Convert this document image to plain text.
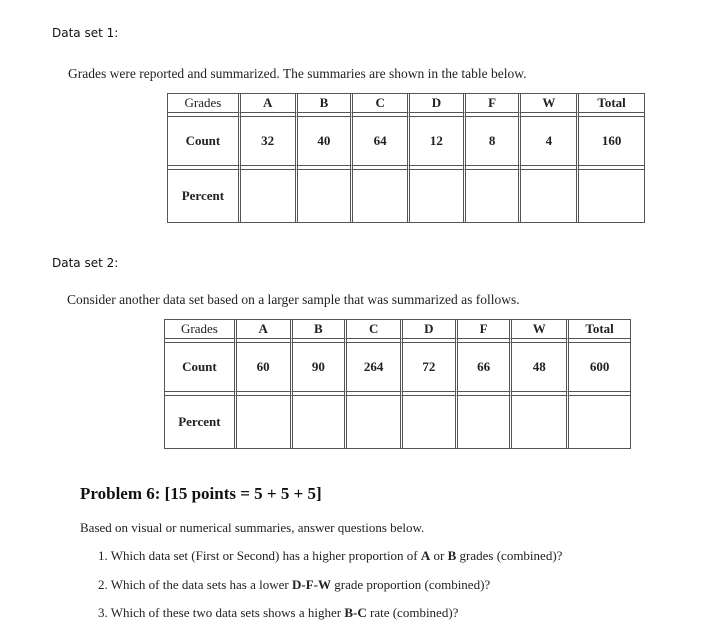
Data set 1:
Grades were reported and summarized. The summaries are shown in the table below.
Grades	A	B	C	D	F	W	Total

Count	32	40	64	12	8	4	160

Percent							
Data set 2:
Consider another data set based on a larger sample that was summarized as follows.
Grades	A	B	C	D	F	W	Total

Count	60	90	264	72	66	48	600

Percent							
Problem 6: [15 points = 5 + 5 + 5]
Based on visual or numerical summaries, answer questions below.
1. Which data set (First or Second) has a higher proportion of A or B grades (combined)?
2. Which of the data sets has a lower D-F-W grade proportion (combined)?
3. Which of these two data sets shows a higher B-C rate (combined)?
